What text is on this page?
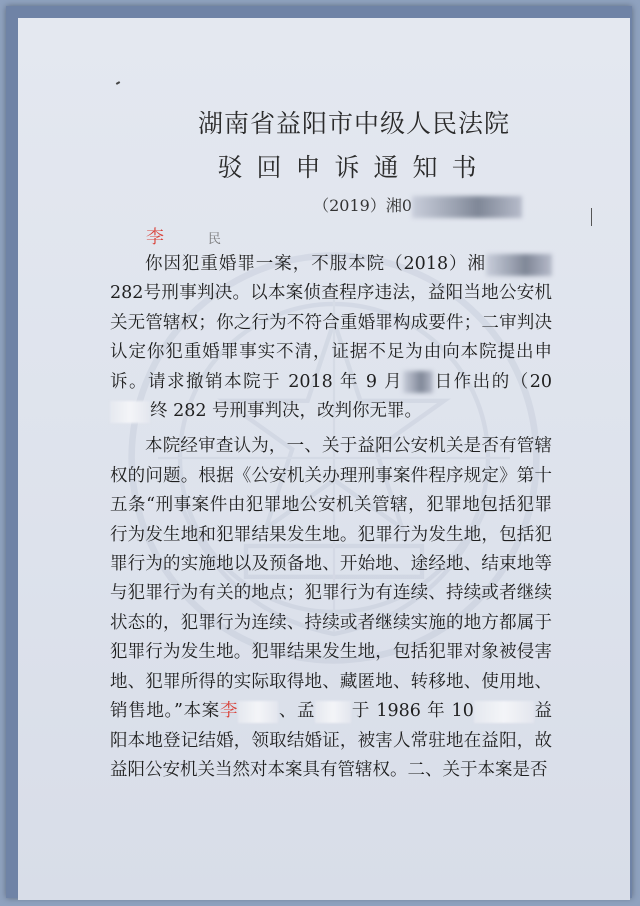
湖南省益阳市中级人民法院
驳回申诉通知书
（2019）湘0
李	民

你因犯重婚罪一案，不服本院（2018）湘282号刑事判决。以本案侦查程序违法，益阳当地公安机关无管辖权；你之行为不符合重婚罪构成要件；二审判决认定你犯重婚罪事实不清，证据不足为由向本院提出申诉。请求撤销本院于 2018 年 9 月 日作出的（20终 282 号刑事判决，改判你无罪。

本院经审查认为，一、关于益阳公安机关是否有管辖权的问题。根据《公安机关办理刑事案件程序规定》第十五条“刑事案件由犯罪地公安机关管辖，犯罪地包括犯罪行为发生地和犯罪结果发生地。犯罪行为发生地，包括犯罪行为的实施地以及预备地、开始地、途经地、结束地等与犯罪行为有关的地点；犯罪行为有连续、持续或者继续状态的，犯罪行为连续、持续或者继续实施的地方都属于犯罪行为发生地。犯罪结果发生地，包括犯罪对象被侵害地、犯罪所得的实际取得地、藏匿地、转移地、使用地、销售地。”本案李 、孟 于 1986 年 10	益阳本地登记结婚，领取结婚证，被害人常驻地在益阳，故益阳公安机关当然对本案具有管辖权。二、关于本案是否
